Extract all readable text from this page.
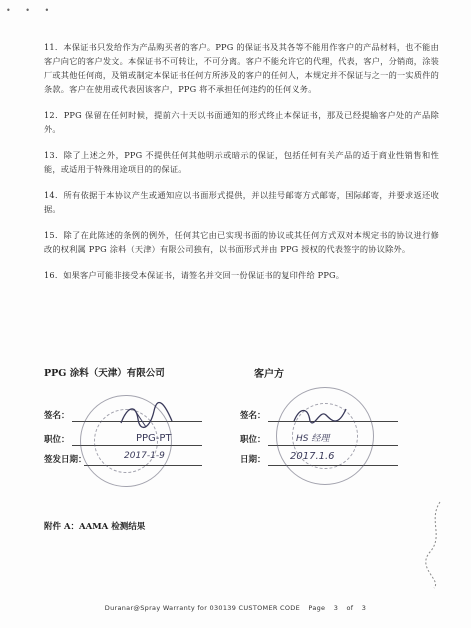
• • •

11．本保证书只发给作为产品购买者的客户。PPG 的保证书及其各等不能用作客户的产品材料，也不能由客户向它的客户发文。本保证书不可转让，不可分离。客户不能允许它的代理，代表，客户，分销商，涂装厂或其他任何商，及销或制定本保证书任何方所涉及的客户的任何人，本规定并不保证与之一的一实质件的条款。客户在使用或代表因该客户，PPG 将不承担任何违约的任何义务。

12．PPG 保留在任何时候，提前六十天以书面通知的形式终止本保证书，那及已经提输客户处的产品除外。

13．除了上述之外，PPG 不提供任何其他明示或暗示的保证，包括任何有关产品的适于商业性销售和性能，或适用于特殊用途项目的的保证。

14．所有依据于本协议产生或通知应以书面形式提供，并以挂号邮寄方式邮寄，国际邮寄，并要求返还收据。

15．除了在此陈述的条例的例外，任何其它由已实现书面的协议或其任何方式双对本规定书的协议进行修改的权利属 PPG 涂料（天津）有限公司独有，以书面形式并由 PPG 授权的代表签字的协议除外。

16．如果客户可能非接受本保证书，请签名并交回一份保证书的复印件给 PPG。

PPG 涂料（天津）有限公司	客户方
签名：
职位：	PPG-PT
签发日期：	2017-1-9
签名：
职位：	HS 经理
日期： 2017.1.6
附件 A：AAMA 检测结果
Duranar@Spray Warranty for 030139 CUSTOMER CODE Page 3 of 3
